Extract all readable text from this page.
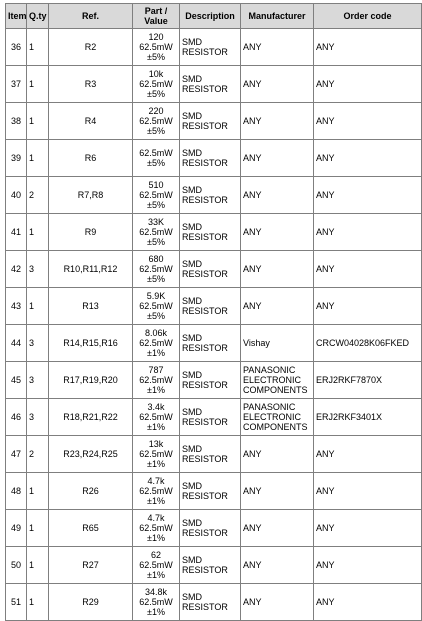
Item	Q.ty	Ref.	Part /
Value	Description	Manufacturer	Order code
36	1	R2	120
62.5mW
±5%	SMD
RESISTOR	ANY	ANY
37	1	R3	10k
62.5mW
±5%	SMD
RESISTOR	ANY	ANY
38	1	R4	220
62.5mW
±5%	SMD
RESISTOR	ANY	ANY
39	1	R6	62.5mW
±5%	SMD
RESISTOR	ANY	ANY
40	2	R7,R8	510
62.5mW
±5%	SMD
RESISTOR	ANY	ANY
41	1	R9	33K
62.5mW
±5%	SMD
RESISTOR	ANY	ANY
42	3	R10,R11,R12	680
62.5mW
±5%	SMD
RESISTOR	ANY	ANY
43	1	R13	5.9K
62.5mW
±5%	SMD
RESISTOR	ANY	ANY
44	3	R14,R15,R16	8.06k
62.5mW
±1%	SMD
RESISTOR	Vishay	CRCW04028K06FKED
45	3	R17,R19,R20	787
62.5mW
±1%	SMD
RESISTOR	PANASONIC
ELECTRONIC
COMPONENTS	ERJ2RKF7870X
46	3	R18,R21,R22	3.4k
62.5mW
±1%	SMD
RESISTOR	PANASONIC
ELECTRONIC
COMPONENTS	ERJ2RKF3401X
47	2	R23,R24,R25	13k
62.5mW
±1%	SMD
RESISTOR	ANY	ANY
48	1	R26	4.7k
62.5mW
±1%	SMD
RESISTOR	ANY	ANY
49	1	R65	4.7k
62.5mW
±1%	SMD
RESISTOR	ANY	ANY
50	1	R27	62 62.5mW
±1%	SMD
RESISTOR	ANY	ANY
51	1	R29	34.8k
62.5mW
±1%	SMD
RESISTOR	ANY	ANY
